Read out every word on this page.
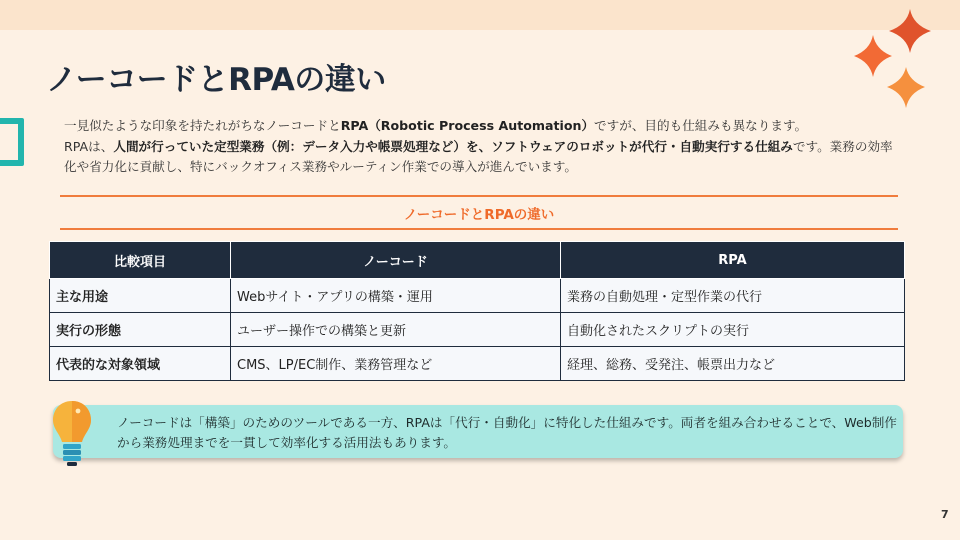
ノーコードとRPAの違い
一見似たような印象を持たれがちなノーコードとRPA（Robotic Process Automation）ですが、目的も仕組みも異なります。
RPAは、人間が行っていた定型業務（例：データ入力や帳票処理など）を、ソフトウェアのロボットが代行・自動実行する仕組みです。業務の効率化や省力化に貢献し、特にバックオフィス業務やルーティン作業での導入が進んでいます。
ノーコードとRPAの違い
比較項目	ノーコード	RPA
主な用途	Webサイト・アプリの構築・運用	業務の自動処理・定型作業の代行
実行の形態	ユーザー操作での構築と更新	自動化されたスクリプトの実行
代表的な対象領域	CMS、LP/EC制作、業務管理など	経理、総務、受発注、帳票出力など
ノーコードは「構築」のためのツールである一方、RPAは「代行・自動化」に特化した仕組みです。両者を組み合わせることで、Web制作から業務処理までを一貫して効率化する活用法もあります。
7
